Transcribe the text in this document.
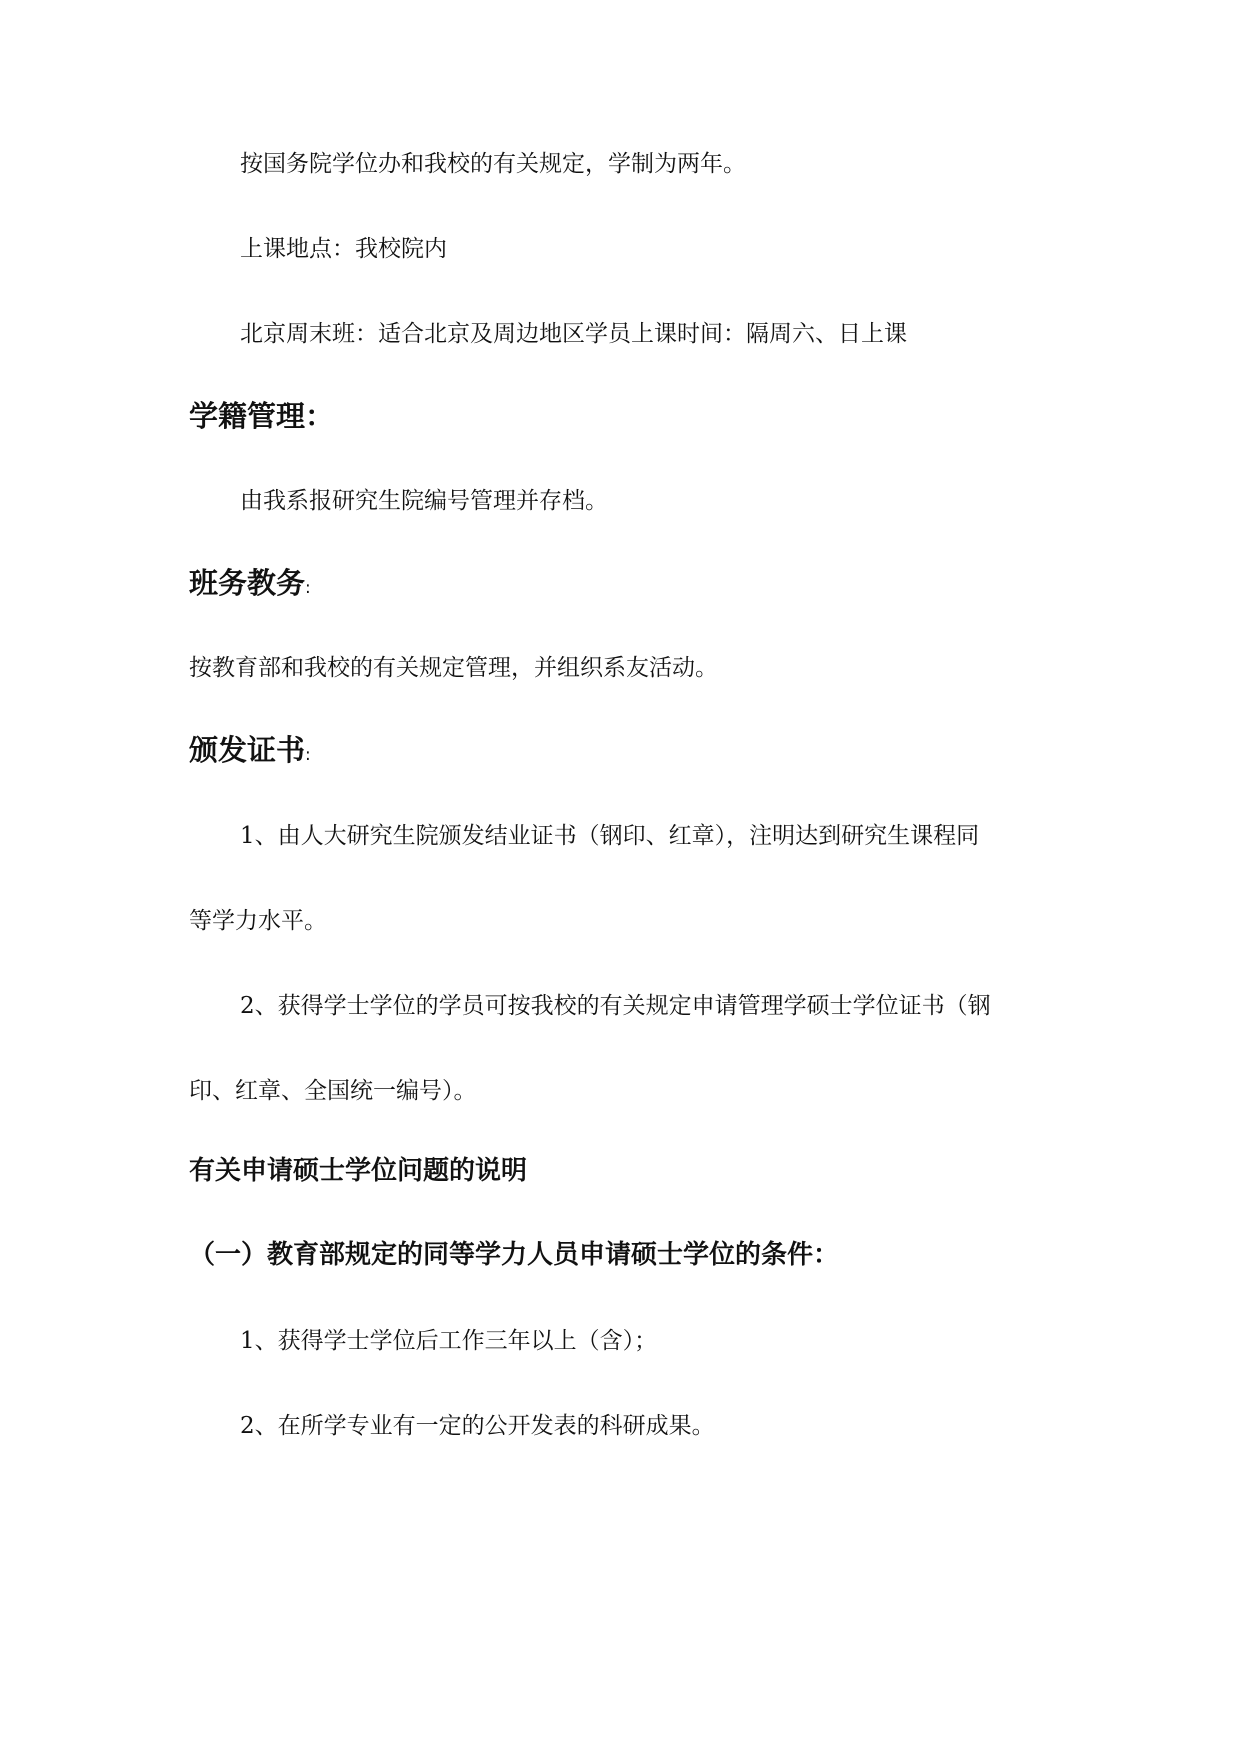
按国务院学位办和我校的有关规定，学制为两年。

上课地点：我校院内

北京周末班：适合北京及周边地区学员上课时间：隔周六、日上课

学籍管理：

由我系报研究生院编号管理并存档。

班务教务:

按教育部和我校的有关规定管理，并组织系友活动。

颁发证书:

1、由人大研究生院颁发结业证书（钢印、红章），注明达到研究生课程同

等学力水平。

2、获得学士学位的学员可按我校的有关规定申请管理学硕士学位证书（钢

印、红章、全国统一编号）。

有关申请硕士学位问题的说明
（一）教育部规定的同等学力人员申请硕士学位的条件：

1、获得学士学位后工作三年以上（含）；

2、在所学专业有一定的公开发表的科研成果。
